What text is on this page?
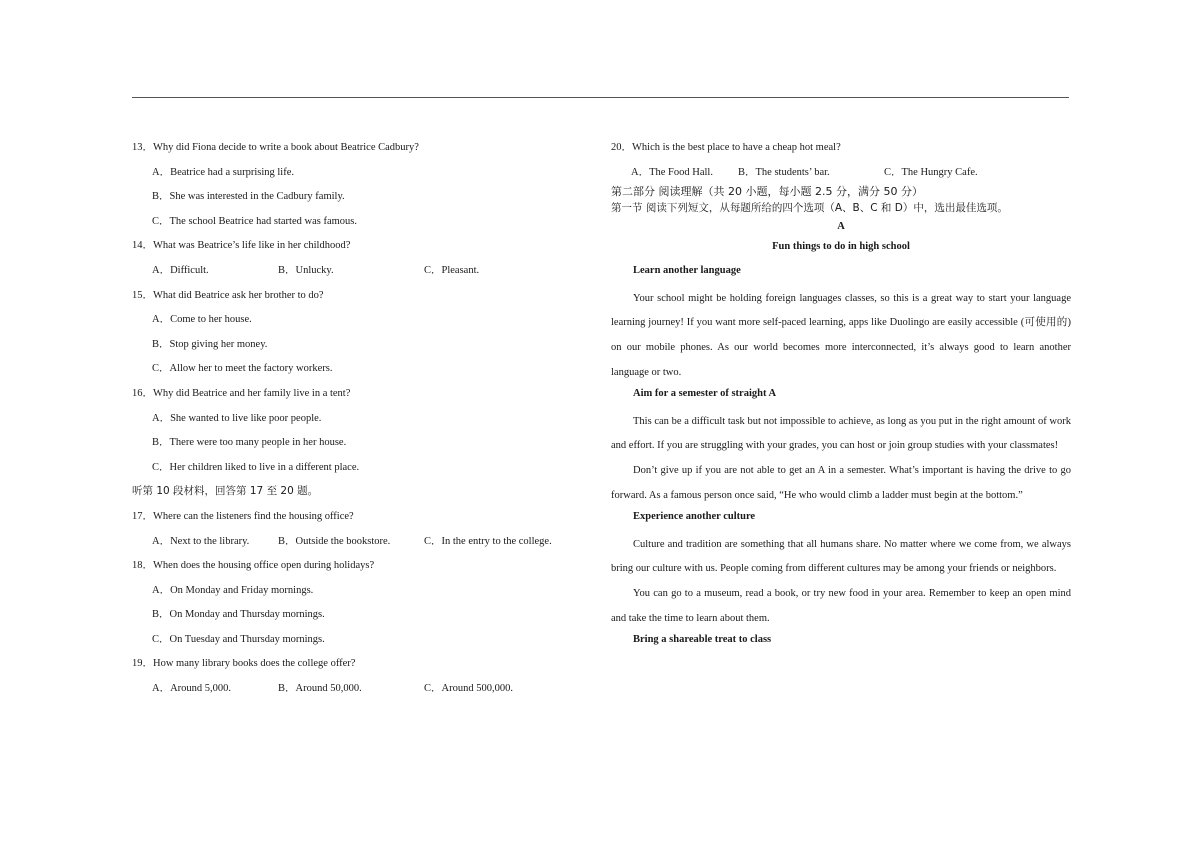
13．Why did Fiona decide to write a book about Beatrice Cadbury?
A．Beatrice had a surprising life.
B．She was interested in the Cadbury family.
C．The school Beatrice had started was famous.
14．What was Beatrice’s life like in her childhood?
A．Difficult.	B．Unlucky.	C．Pleasant.
15．What did Beatrice ask her brother to do?
A．Come to her house.
B．Stop giving her money.
C．Allow her to meet the factory workers.
16．Why did Beatrice and her family live in a tent?
A．She wanted to live like poor people.
B．There were too many people in her house.
C．Her children liked to live in a different place.
听第 10 段材料，回答第 17 至 20 题。
17．Where can the listeners find the housing office?
A．Next to the library.	B．Outside the bookstore.	C．In the entry to the college.
18．When does the housing office open during holidays?
A．On Monday and Friday mornings.
B．On Monday and Thursday mornings.
C．On Tuesday and Thursday mornings.
19．How many library books does the college offer?
A．Around 5,000.	B．Around 50,000.	C．Around 500,000.
20．Which is the best place to have a cheap hot meal?
A．The Food Hall.	B．The students’ bar.	C．The Hungry Cafe.
第二部分 阅读理解（共 20 小题，每小题 2.5 分，满分 50 分）
第一节 阅读下列短文，从每题所给的四个选项（A、B、C 和 D）中，选出最佳选项。
A
Fun things to do in high school
Learn another language
Your school might be holding foreign languages classes, so this is a great way to start your language learning journey! If you want more self-paced learning, apps like Duolingo are easily accessible (可使用的) on our mobile phones. As our world becomes more interconnected, it’s always good to learn another language or two.
Aim for a semester of straight A
This can be a difficult task but not impossible to achieve, as long as you put in the right amount of work and effort. If you are struggling with your grades, you can host or join group studies with your classmates!
Don’t give up if you are not able to get an A in a semester. What’s important is having the drive to go forward. As a famous person once said, “He who would climb a ladder must begin at the bottom.”
Experience another culture
Culture and tradition are something that all humans share. No matter where we come from, we always bring our culture with us. People coming from different cultures may be among your friends or neighbors.
You can go to a museum, read a book, or try new food in your area. Remember to keep an open mind and take the time to learn about them.
Bring a shareable treat to class
